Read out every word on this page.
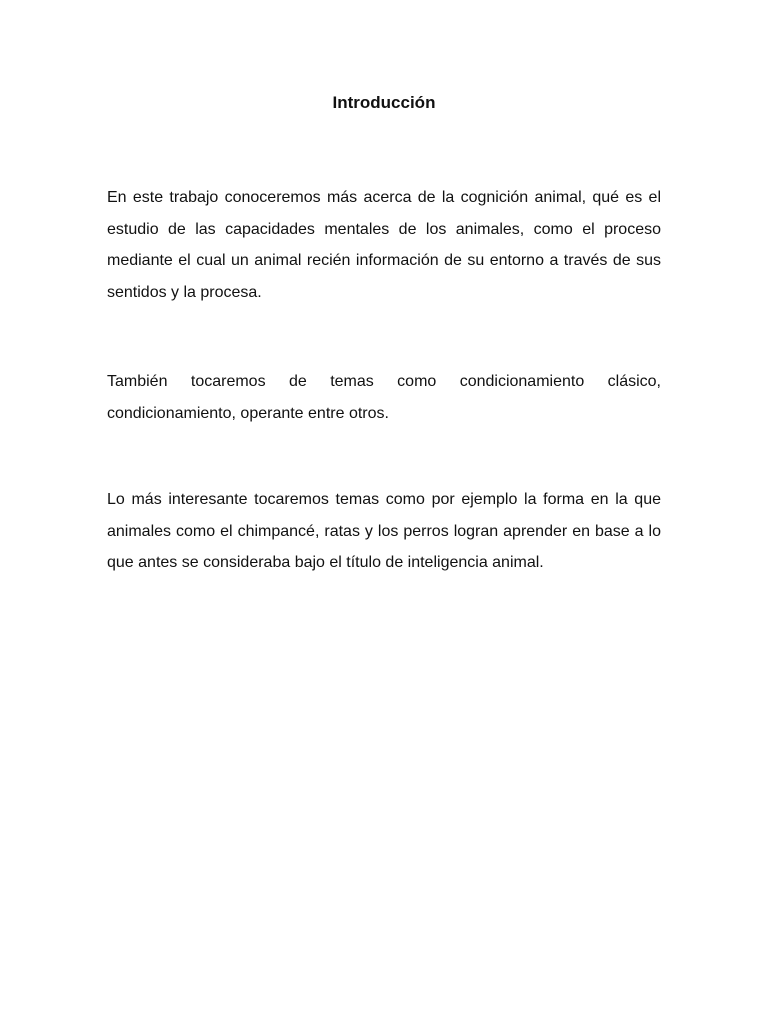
Introducción

En este trabajo conoceremos más acerca de la cognición animal, qué es el estudio de las capacidades mentales de los animales, como el proceso mediante el cual un animal recién información de su entorno a través de sus sentidos y la procesa.

También tocaremos de temas como condicionamiento clásico, condicionamiento, operante entre otros.

Lo más interesante tocaremos temas como por ejemplo la forma en la que animales como el chimpancé, ratas y los perros logran aprender en base a lo que antes se consideraba bajo el título de inteligencia animal.
